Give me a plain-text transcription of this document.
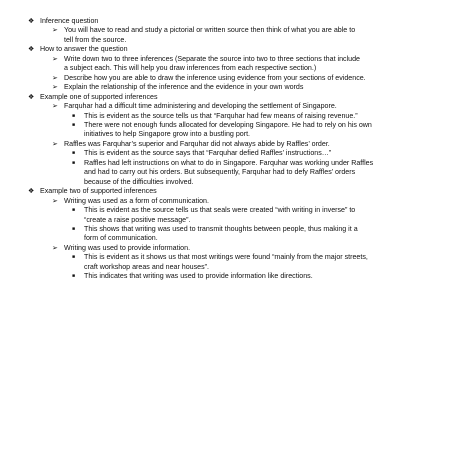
❖ Inference question
➢ You will have to read and study a pictorial or written source then think of what you are able to
tell from the source.
❖ How to answer the question
➢ Write down two to three inferences (Separate the source into two to three sections that include
a subject each. This will help you draw inferences from each respective section.)
➢ Describe how you are able to draw the inference using evidence from your sections of evidence.
➢ Explain the relationship of the inference and the evidence in your own words
❖ Example one of supported inferences
➢ Farquhar had a difficult time administering and developing the settlement of Singapore.
■ This is evident as the source tells us that “Farquhar had few means of raising revenue.”
■ There were not enough funds allocated for developing Singapore. He had to rely on his own
initiatives to help Singapore grow into a bustling port.
➢ Raffles was Farquhar’s superior and Farquhar did not always abide by Raffles’ order.
■ This is evident as the source says that “Farquhar defied Raffles’ instructions…”
■ Raffles had left instructions on what to do in Singapore. Farquhar was working under Raffles
and had to carry out his orders. But subsequently, Farquhar had to defy Raffles’ orders
because of the difficulties involved.
❖ Example two of supported inferences
➢ Writing was used as a form of communication.
■ This is evident as the source tells us that seals were created “with writing in inverse” to
“create a raise positive message”.
■ This shows that writing was used to transmit thoughts between people, thus making it a
form of communication.
➢ Writing was used to provide information.
■ This is evident as it shows us that most writings were found “mainly from the major streets,
craft workshop areas and near houses”.
■ This indicates that writing was used to provide information like directions.
